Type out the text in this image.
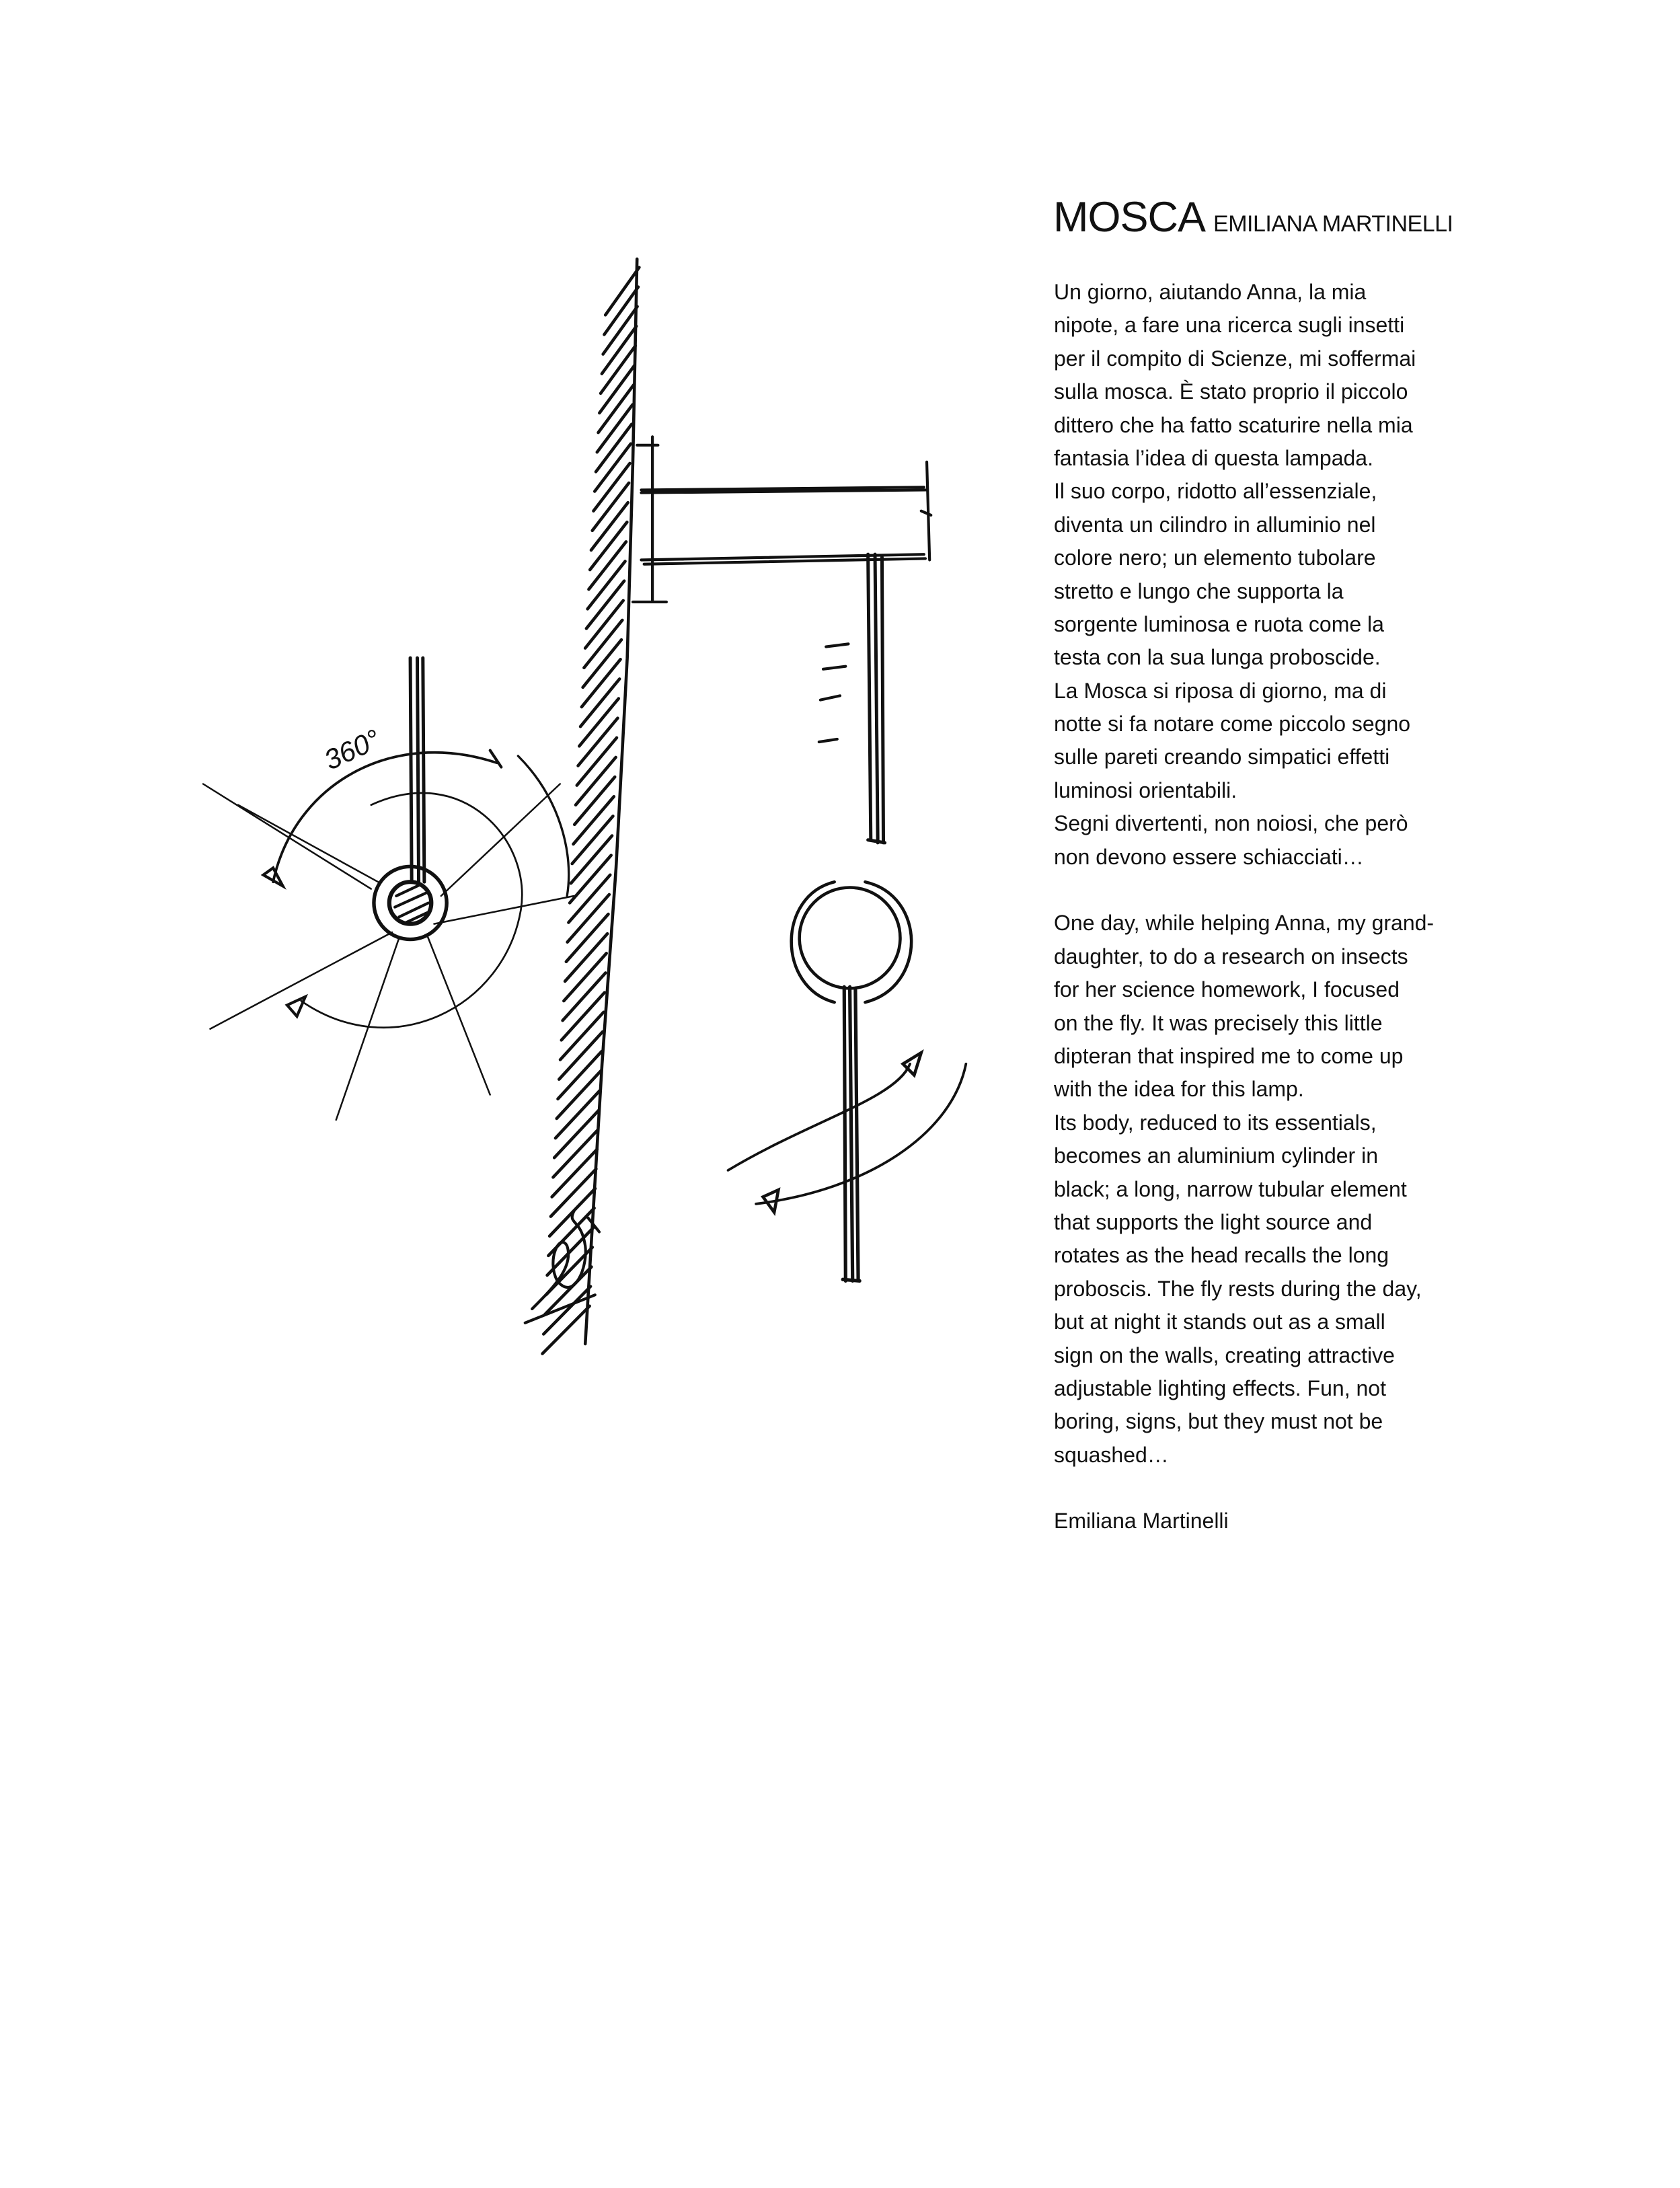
360°
MOSCA EMILIANA MARTINELLI
Un giorno, aiutando Anna, la mia
nipote, a fare una ricerca sugli insetti
per il compito di Scienze, mi soffermai
sulla mosca. È stato proprio il piccolo
dittero che ha fatto scaturire nella mia
fantasia l’idea di questa lampada.
Il suo corpo, ridotto all’essenziale,
diventa un cilindro in alluminio nel
colore nero; un elemento tubolare
stretto e lungo che supporta la
sorgente luminosa e ruota come la
testa con la sua lunga proboscide.
La Mosca si riposa di giorno, ma di
notte si fa notare come piccolo segno
sulle pareti creando simpatici effetti
luminosi orientabili.
Segni divertenti, non noiosi, che però
non devono essere schiacciati…
One day, while helping Anna, my grand-
daughter, to do a research on insects
for her science homework, I focused
on the fly. It was precisely this little
dipteran that inspired me to come up
with the idea for this lamp.
Its body, reduced to its essentials,
becomes an aluminium cylinder in
black; a long, narrow tubular element
that supports the light source and
rotates as the head recalls the long
proboscis. The fly rests during the day,
but at night it stands out as a small
sign on the walls, creating attractive
adjustable lighting effects. Fun, not
boring, signs, but they must not be
squashed…
Emiliana Martinelli
